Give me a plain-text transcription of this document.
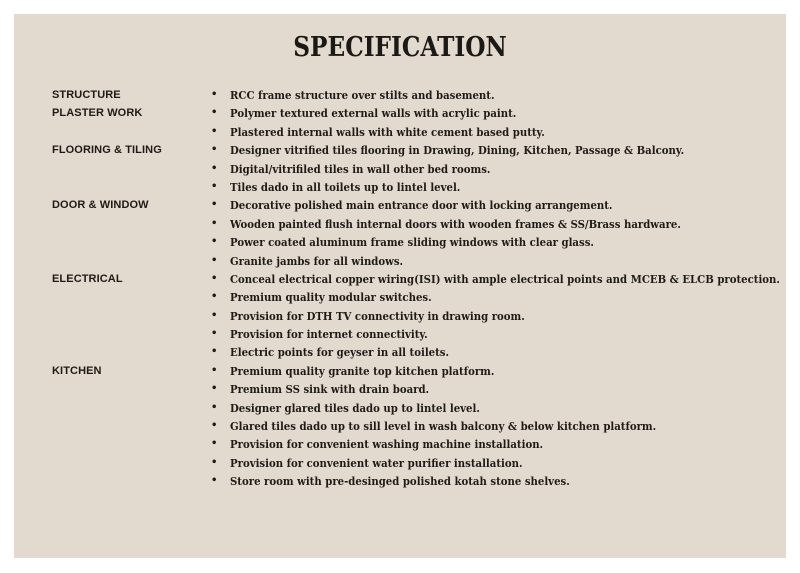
SPECIFICATION
STRUCTURE	• RCC frame structure over stilts and basement.
PLASTER WORK	• Polymer textured external walls with acrylic paint.
• Plastered internal walls with white cement based putty.
FLOORING & TILING	• Designer vitrified tiles flooring in Drawing, Dining, Kitchen, Passage & Balcony.
• Digital/vitrifiled tiles in wall other bed rooms.
• Tiles dado in all toilets up to lintel level.
DOOR & WINDOW	• Decorative polished main entrance door with locking arrangement.
• Wooden painted flush internal doors with wooden frames & SS/Brass hardware.
• Power coated aluminum frame sliding windows with clear glass.
• Granite jambs for all windows.
ELECTRICAL	• Conceal electrical copper wiring(ISI) with ample electrical points and MCEB & ELCB protection.
• Premium quality modular switches.
• Provision for DTH TV connectivity in drawing room.
• Provision for internet connectivity.
• Electric points for geyser in all toilets.
KITCHEN	• Premium quality granite top kitchen platform.
• Premium SS sink with drain board.
• Designer glared tiles dado up to lintel level.
• Glared tiles dado up to sill level in wash balcony & below kitchen platform.
• Provision for convenient washing machine installation.
• Provision for convenient water purifier installation.
• Store room with pre-desinged polished kotah stone shelves.
